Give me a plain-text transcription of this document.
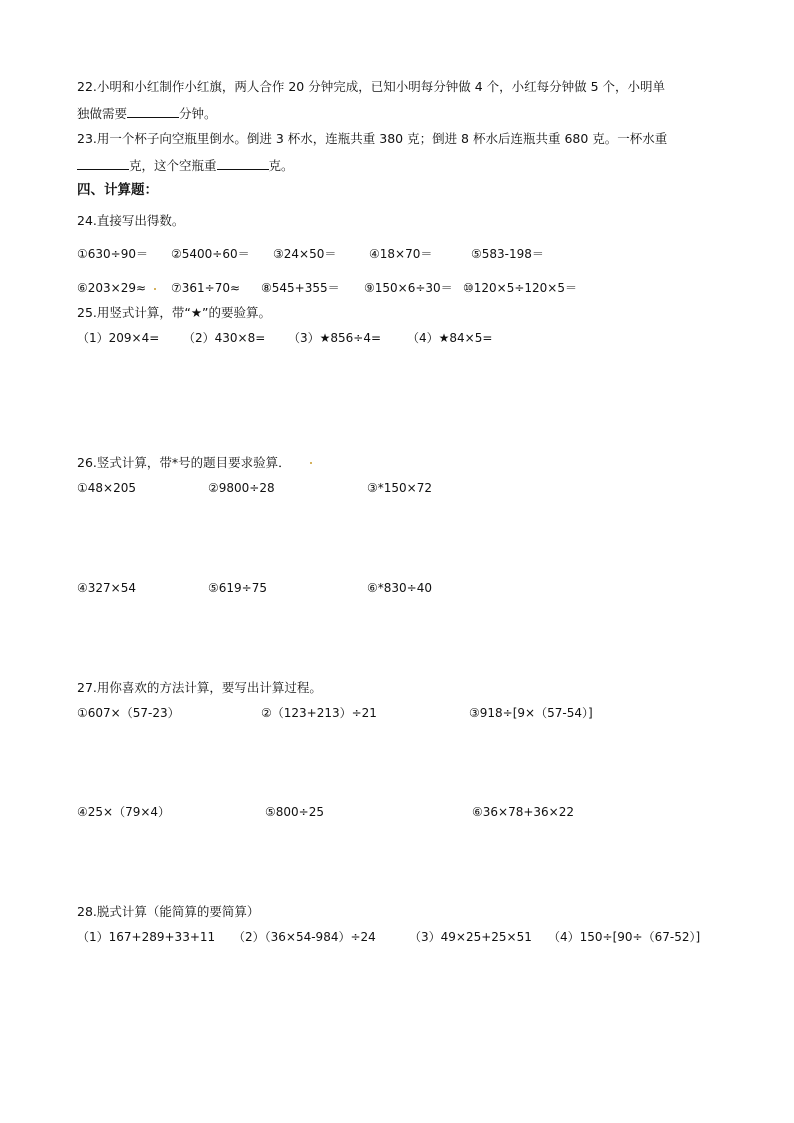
22.小明和小红制作小红旗，两人合作 20 分钟完成，已知小明每分钟做 4 个，小红每分钟做 5 个，小明单
独做需要	分钟。
23.用一个杯子向空瓶里倒水。倒进 3 杯水，连瓶共重 380 克；倒进 8 杯水后连瓶共重 680 克。一杯水重
克，这个空瓶重	克。
四、计算题：
24.直接写出得数。
①630÷90＝ ②5400÷60＝ ③24×50＝	④18×70＝	⑤583-198＝
⑥203×29≈ ⑦361÷70≈ ⑧545+355＝ ⑨150×6÷30＝ ⑩120×5÷120×5＝
25.用竖式计算，带“★”的要验算。
（1）209×4= （2）430×8= （3）★856÷4= （4）★84×5=
26.竖式计算，带*号的题目要求验算．
①48×205	②9800÷28	③*150×72
④327×54	⑤619÷75	⑥*830÷40
27.用你喜欢的方法计算，要写出计算过程。
①607×（57-23）	②（123+213）÷21	③918÷[9×（57-54）]
④25×（79×4）	⑤800÷25	⑥36×78+36×22
28.脱式计算（能简算的要简算）
（1）167+289+33+11 （2）（36×54-984）÷24	（3）49×25+25×51 （4）150÷[90÷（67-52）]
